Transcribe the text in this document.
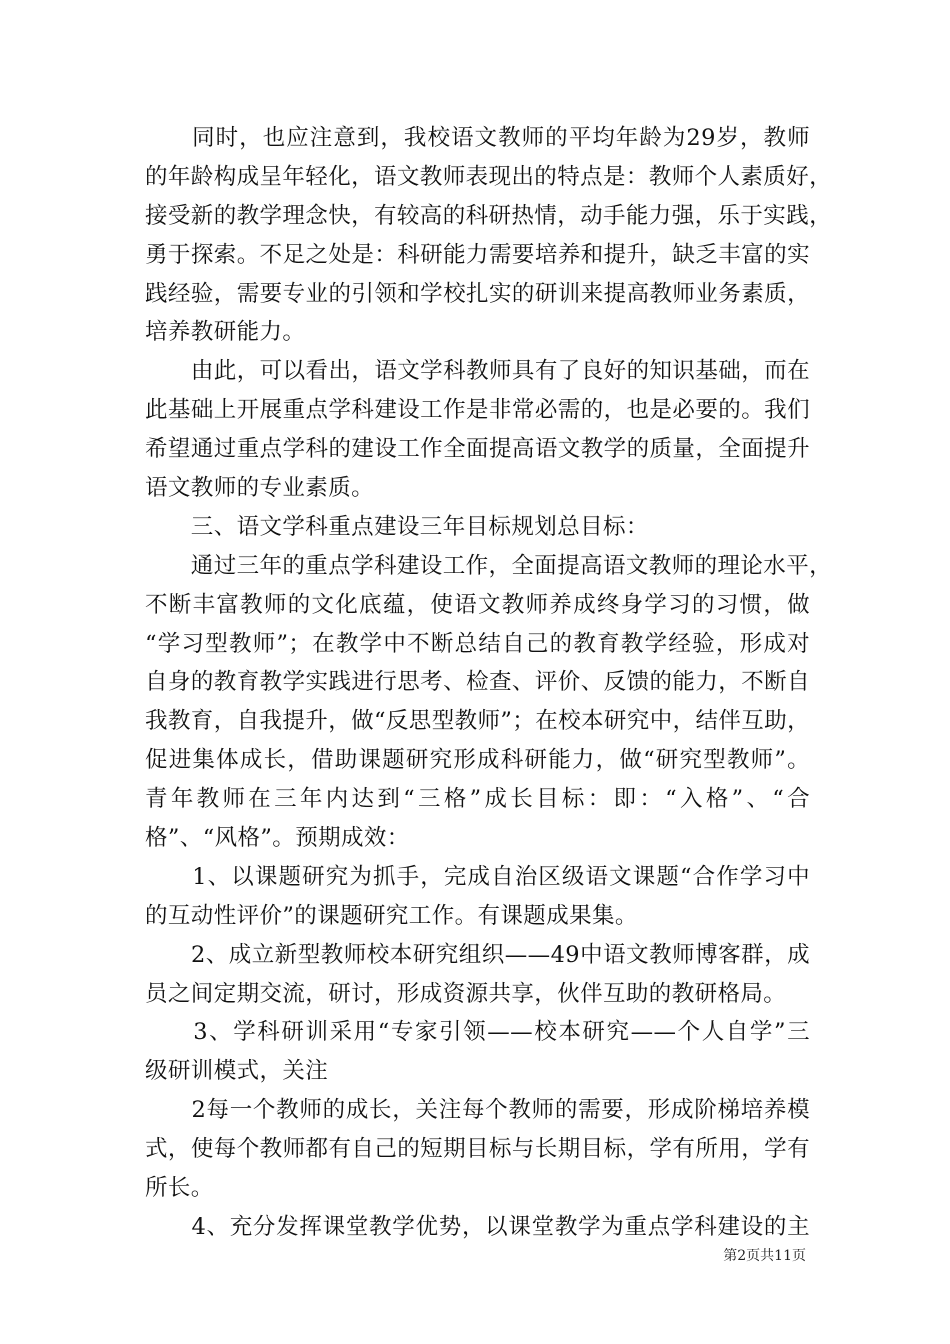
　　同时，也应注意到，我校语文教师的平均年龄为29岁，教师
的年龄构成呈年轻化，语文教师表现出的特点是：教师个人素质好，
接受新的教学理念快，有较高的科研热情，动手能力强，乐于实践，
勇于探索。不足之处是：科研能力需要培养和提升，缺乏丰富的实
践经验，需要专业的引领和学校扎实的研训来提高教师业务素质，
培养教研能力。
　　由此，可以看出，语文学科教师具有了良好的知识基础，而在
此基础上开展重点学科建设工作是非常必需的，也是必要的。我们
希望通过重点学科的建设工作全面提高语文教学的质量，全面提升
语文教师的专业素质。
　　三、语文学科重点建设三年目标规划总目标：
　　通过三年的重点学科建设工作，全面提高语文教师的理论水平，
不断丰富教师的文化底蕴，使语文教师养成终身学习的习惯，做
“学习型教师”；在教学中不断总结自己的教育教学经验，形成对
自身的教育教学实践进行思考、检查、评价、反馈的能力，不断自
我教育，自我提升，做“反思型教师”；在校本研究中，结伴互助，
促进集体成长，借助课题研究形成科研能力，做“研究型教师”。
青年教师在三年内达到“三格”成长目标：即：“入格”、“合
格”、“风格”。预期成效：
　　1、以课题研究为抓手，完成自治区级语文课题“合作学习中
的互动性评价”的课题研究工作。有课题成果集。
　　2、成立新型教师校本研究组织——49中语文教师博客群，成
员之间定期交流，研讨，形成资源共享，伙伴互助的教研格局。
　　3、学科研训采用“专家引领——校本研究——个人自学”三
级研训模式，关注
　　2每一个教师的成长，关注每个教师的需要，形成阶梯培养模
式，使每个教师都有自己的短期目标与长期目标，学有所用，学有
所长。
　　4、充分发挥课堂教学优势，以课堂教学为重点学科建设的主
第2页共11页
